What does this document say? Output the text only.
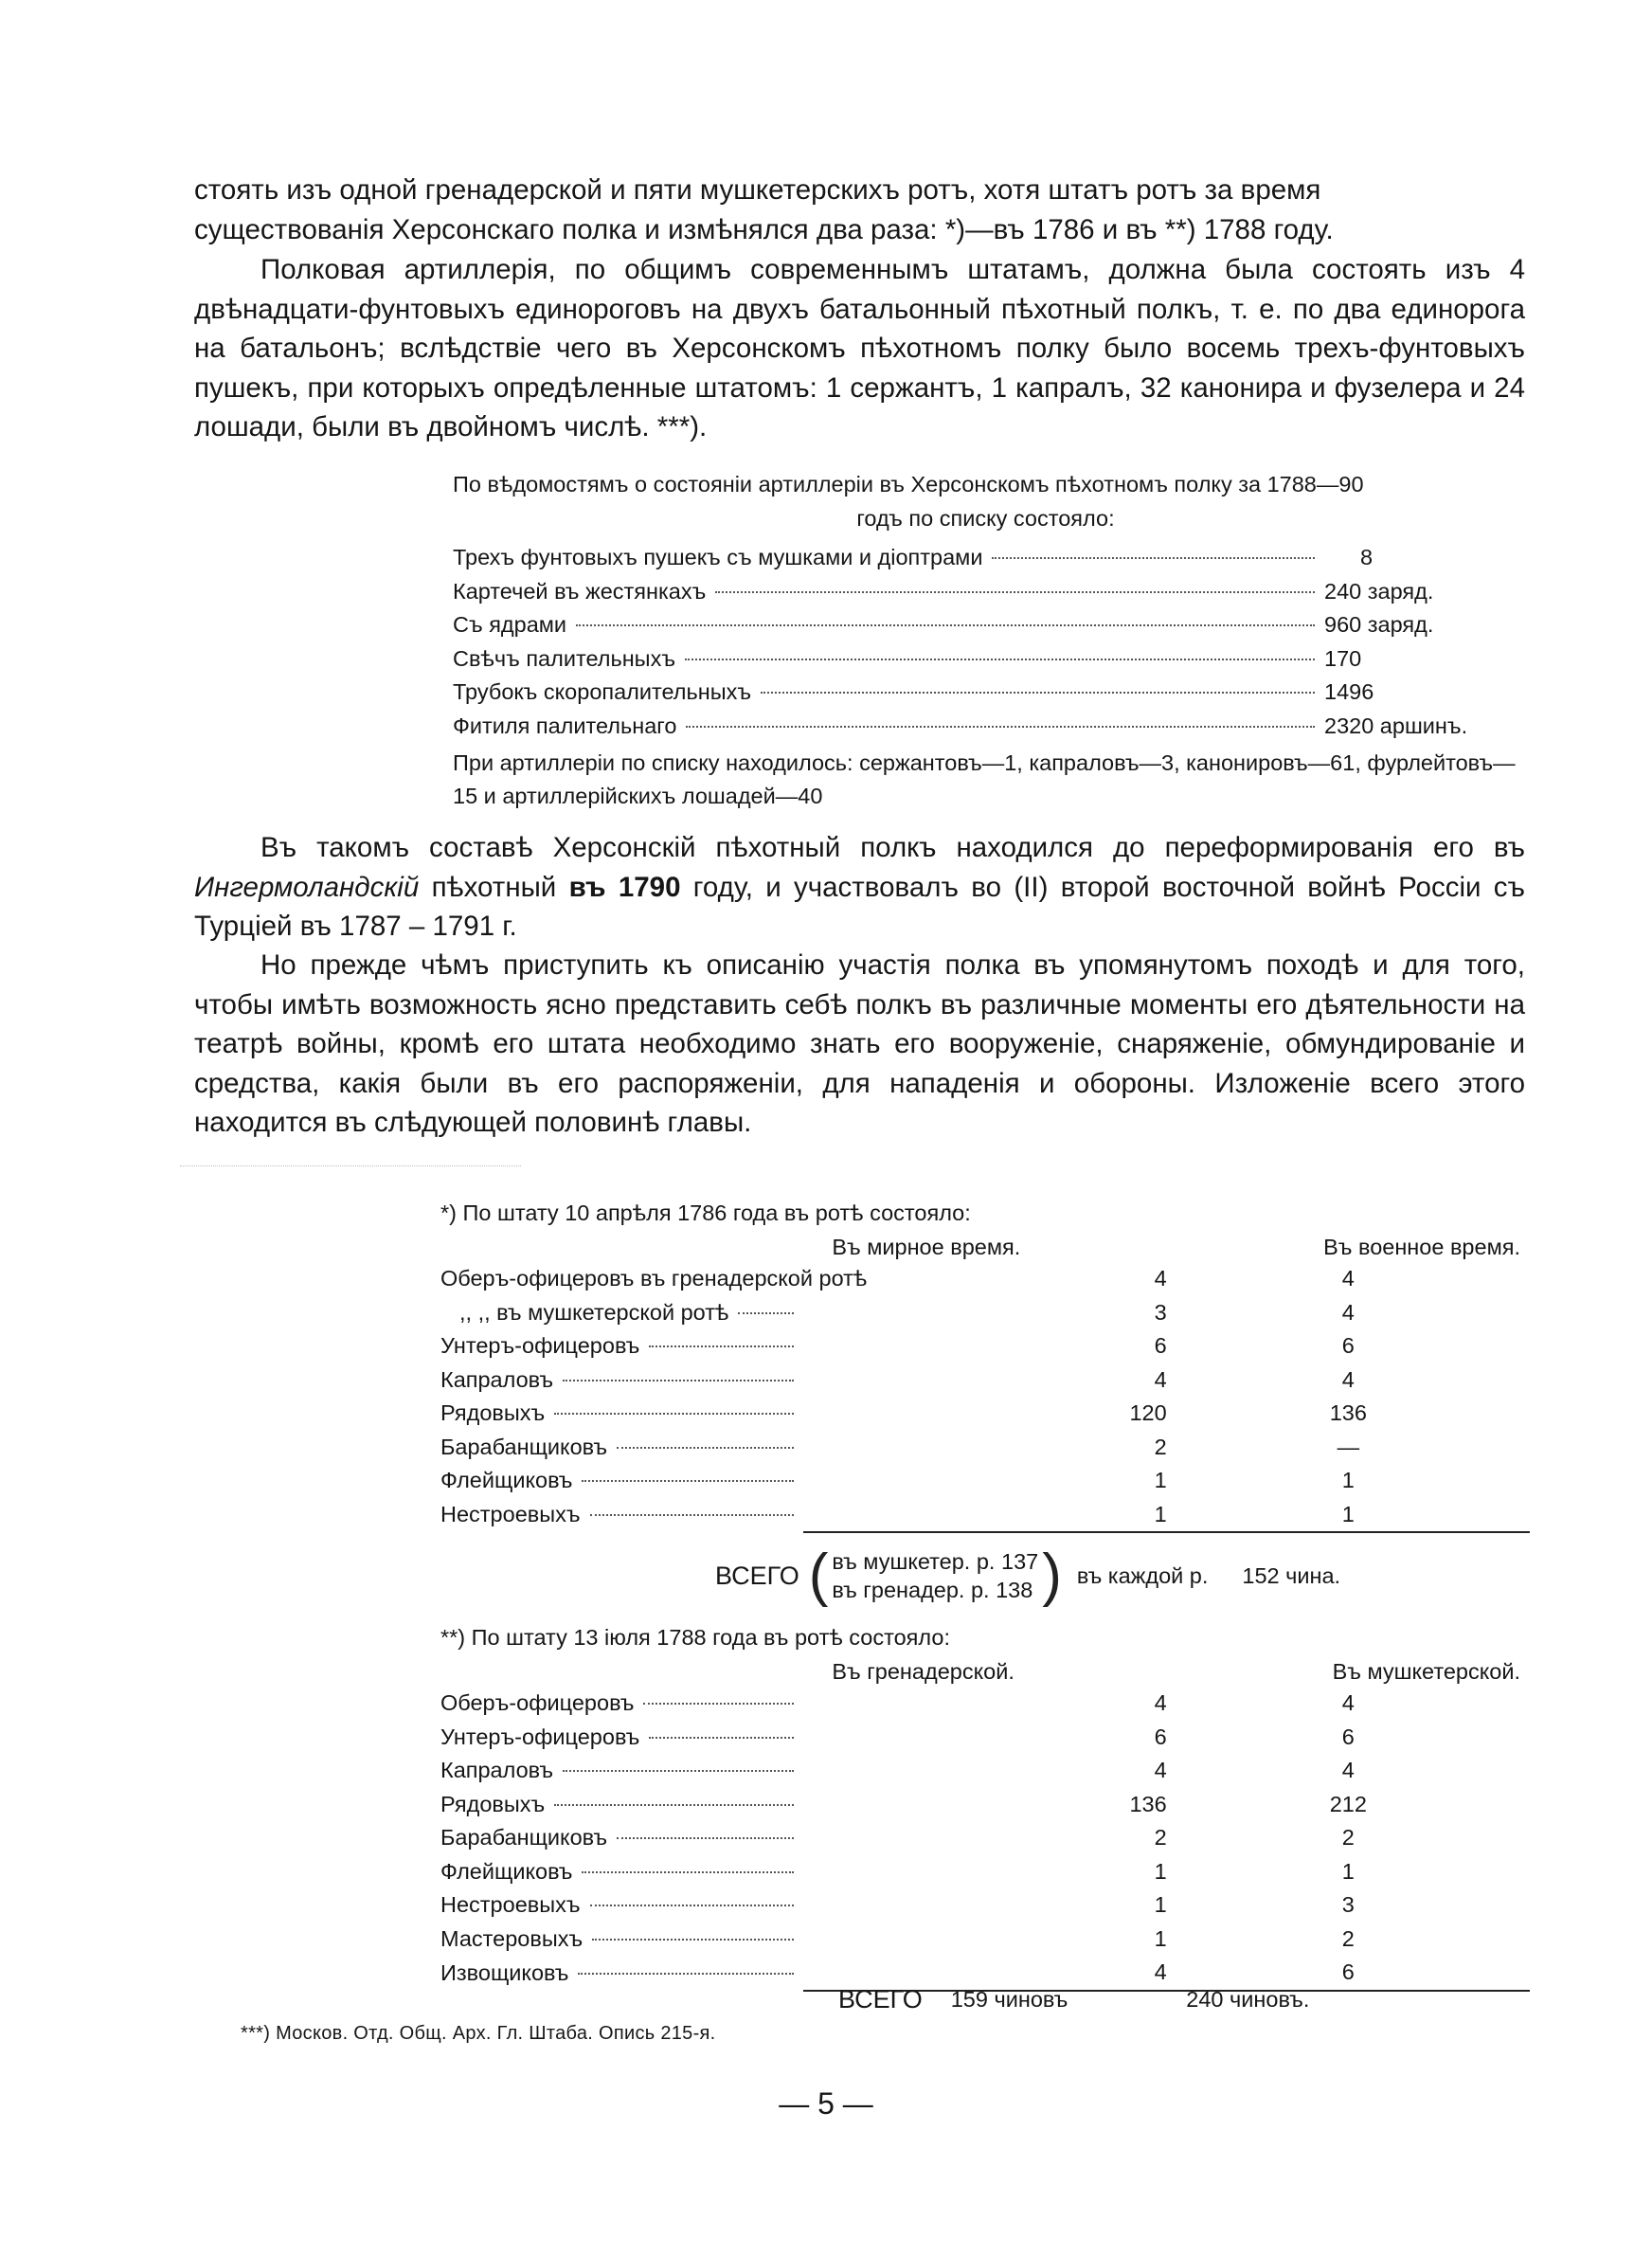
стоять изъ одной гренадерской и пяти мушкетерскихъ ротъ, хотя штатъ ротъ за время

существованія Херсонскаго полка и измѣнялся два раза: *)—въ 1786 и въ **) 1788 году.

Полковая артиллерія, по общимъ современнымъ штатамъ, должна была состоять изъ 4 двѣнадцати-фунтовыхъ единороговъ на двухъ батальонный пѣхотный полкъ, т. е. по два единорога на батальонъ; вслѣдствіе чего въ Херсонскомъ пѣхотномъ полку было восемь трехъ-фунтовыхъ пушекъ, при которыхъ опредѣленные штатомъ: 1 сержантъ, 1 капралъ, 32 канонира и фузелера и 24 лошади, были въ двойномъ числѣ. ***).

По вѣдомостямъ о состояніи артиллеріи въ Херсонскомъ пѣхотномъ полку за 1788—90
годъ по списку состояло:
Трехъ фунтовыхъ пушекъ съ мушками и діоптрами	8

Картечей въ жестянкахъ	240 заряд.

Съ ядрами	960 заряд.

Свѣчъ палительныхъ	170

Трубокъ скоропалительныхъ	1496

Фитиля палительнаго	2320 аршинъ.
При артиллеріи по списку находилось: сержантовъ—1, капраловъ—3, канонировъ—61, фурлейтовъ—15 и артиллерійскихъ лошадей—40

Въ такомъ составѣ Херсонскій пѣхотный полкъ находился до переформированія его въ Ингермоландскій пѣхотный въ 1790 году, и участвовалъ во (II) второй восточной войнѣ Россіи съ Турціей въ 1787 – 1791 г.

Но прежде чѣмъ приступить къ описанію участія полка въ упомянутомъ походѣ и для того, чтобы имѣть возможность ясно представить себѣ полкъ въ различные моменты его дѣятельности на театрѣ войны, кромѣ его штата необходимо знать его вооруженіе, снаряженіе, обмундированіе и средства, какія были въ его распоряженіи, для нападенія и обороны. Изложеніе всего этого находится въ слѣдующей половинѣ главы.

*) По штату 10 апрѣля 1786 года въ ротѣ состояло:
	Въ мирное время.	Въ военное время.

Оберъ-офицеровъ въ гренадерской ротѣ	4	4

,, ,, въ мушкетерской ротѣ	3	4

Унтеръ-офицеровъ	6	6

Капраловъ	4	4

Рядовыхъ	120	136

Барабанщиковъ	2	—

Флейщиковъ	1	1

Нестроевыхъ	1	1
ВСЕГО ( въ мушкетер. р. 137
въ гренадер. р. 138 ) въ каждой р. 152 чина.
**) По штату 13 іюля 1788 года въ ротѣ состояло:
	Въ гренадерской.	Въ мушкетерской.

Оберъ-офицеровъ	4	4

Унтеръ-офицеровъ	6	6

Капраловъ	4	4

Рядовыхъ	136	212

Барабанщиковъ	2	2

Флейщиковъ	1	1

Нестроевыхъ	1	3

Мастеровыхъ	1	2

Извощиковъ	4	6
ВСЕГО 159 чиновъ	240 чиновъ.
***) Москов. Отд. Общ. Арх. Гл. Штаба. Опись 215-я.
— 5 —
